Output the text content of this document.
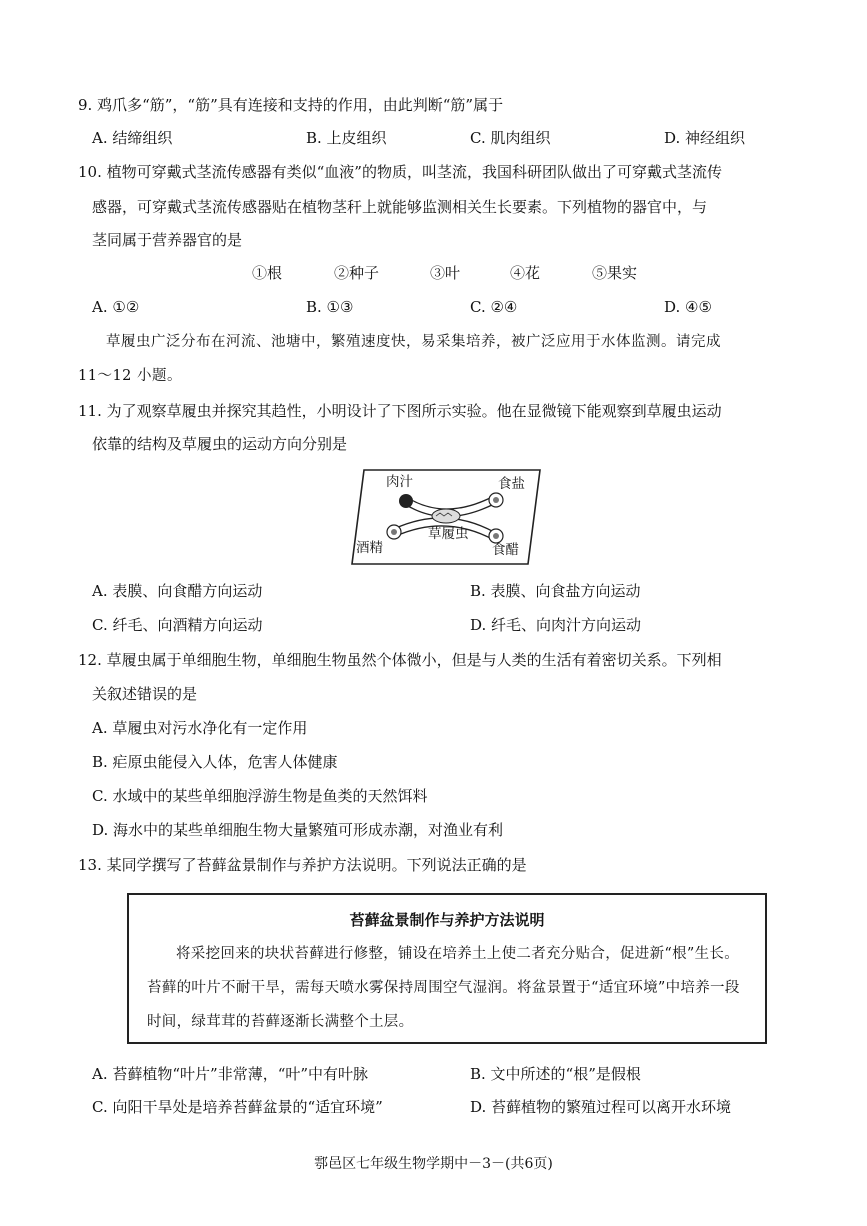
9. 鸡爪多“筋”，“筋”具有连接和支持的作用，由此判断“筋”属于
A. 结缔组织	B. 上皮组织	C. 肌肉组织	D. 神经组织
10. 植物可穿戴式茎流传感器有类似“血液”的物质，叫茎流，我国科研团队做出了可穿戴式茎流传
感器，可穿戴式茎流传感器贴在植物茎秆上就能够监测相关生长要素。下列植物的器官中，与
茎同属于营养器官的是
①根	②种子	③叶	④花	⑤果实
A. ①②	B. ①③	C. ②④	D. ④⑤
草履虫广泛分布在河流、池塘中，繁殖速度快，易采集培养，被广泛应用于水体监测。请完成
11～12 小题。
11. 为了观察草履虫并探究其趋性，小明设计了下图所示实验。他在显微镜下能观察到草履虫运动
依靠的结构及草履虫的运动方向分别是
肉汁	食盐
酒精
草履虫
食醋
A. 表膜、向食醋方向运动	B. 表膜、向食盐方向运动
C. 纤毛、向酒精方向运动	D. 纤毛、向肉汁方向运动
12. 草履虫属于单细胞生物，单细胞生物虽然个体微小，但是与人类的生活有着密切关系。下列相
关叙述错误的是
A. 草履虫对污水净化有一定作用
B. 疟原虫能侵入人体，危害人体健康
C. 水域中的某些单细胞浮游生物是鱼类的天然饵料
D. 海水中的某些单细胞生物大量繁殖可形成赤潮，对渔业有利
13. 某同学撰写了苔藓盆景制作与养护方法说明。下列说法正确的是
苔藓盆景制作与养护方法说明
将采挖回来的块状苔藓进行修整，铺设在培养土上使二者充分贴合，促进新“根”生长。苔藓的叶片不耐干旱，需每天喷水雾保持周围空气湿润。将盆景置于“适宜环境”中培养一段时间，绿茸茸的苔藓逐渐长满整个土层。
A. 苔藓植物“叶片”非常薄，“叶”中有叶脉	B. 文中所述的“根”是假根
C. 向阳干旱处是培养苔藓盆景的“适宜环境”	D. 苔藓植物的繁殖过程可以离开水环境
鄠邑区七年级生物学期中－3－(共6页)
